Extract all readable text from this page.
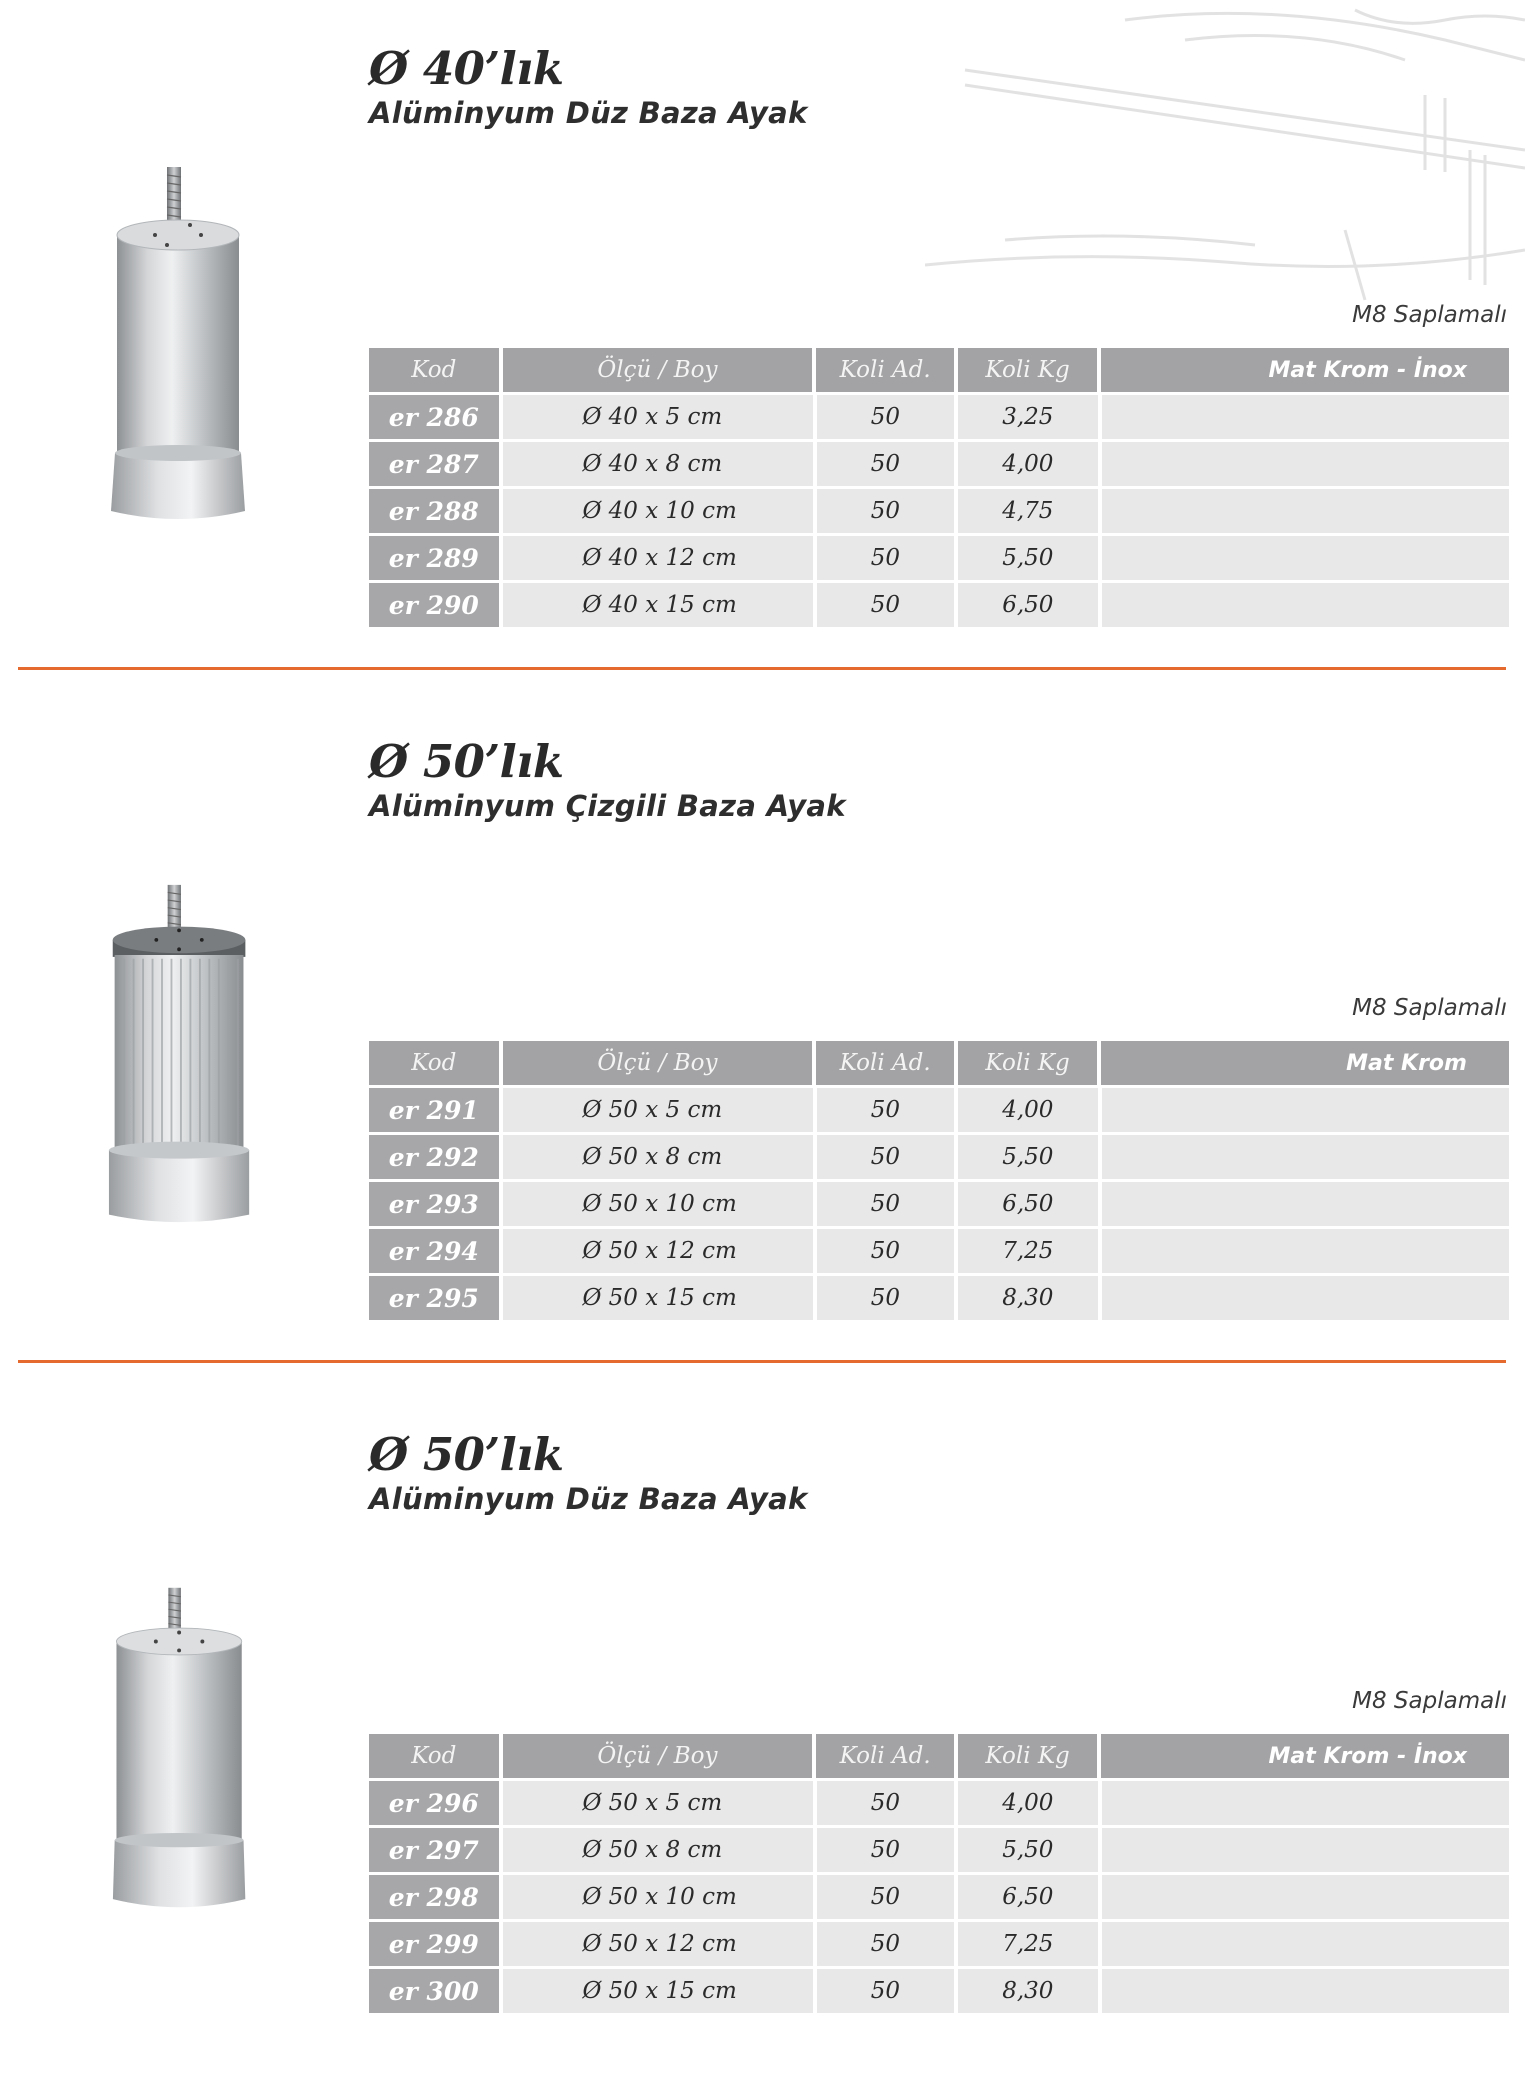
Ø 40’lık
Alüminyum Düz Baza Ayak
M8 Saplamalı
Kod	Ölçü / Boy	Koli Ad.	Koli Kg	Mat Krom - İnox
er 286	Ø 40 x 5 cm	50	3,25
er 287	Ø 40 x 8 cm	50	4,00
er 288	Ø 40 x 10 cm	50	4,75
er 289	Ø 40 x 12 cm	50	5,50
er 290	Ø 40 x 15 cm	50	6,50
Ø 50’lık
Alüminyum Çizgili Baza Ayak
M8 Saplamalı
Kod	Ölçü / Boy	Koli Ad.	Koli Kg	Mat Krom
er 291	Ø 50 x 5 cm	50	4,00
er 292	Ø 50 x 8 cm	50	5,50
er 293	Ø 50 x 10 cm	50	6,50
er 294	Ø 50 x 12 cm	50	7,25
er 295	Ø 50 x 15 cm	50	8,30
Ø 50’lık
Alüminyum Düz Baza Ayak
M8 Saplamalı
Kod	Ölçü / Boy	Koli Ad.	Koli Kg	Mat Krom - İnox
er 296	Ø 50 x 5 cm	50	4,00
er 297	Ø 50 x 8 cm	50	5,50
er 298	Ø 50 x 10 cm	50	6,50
er 299	Ø 50 x 12 cm	50	7,25
er 300	Ø 50 x 15 cm	50	8,30
